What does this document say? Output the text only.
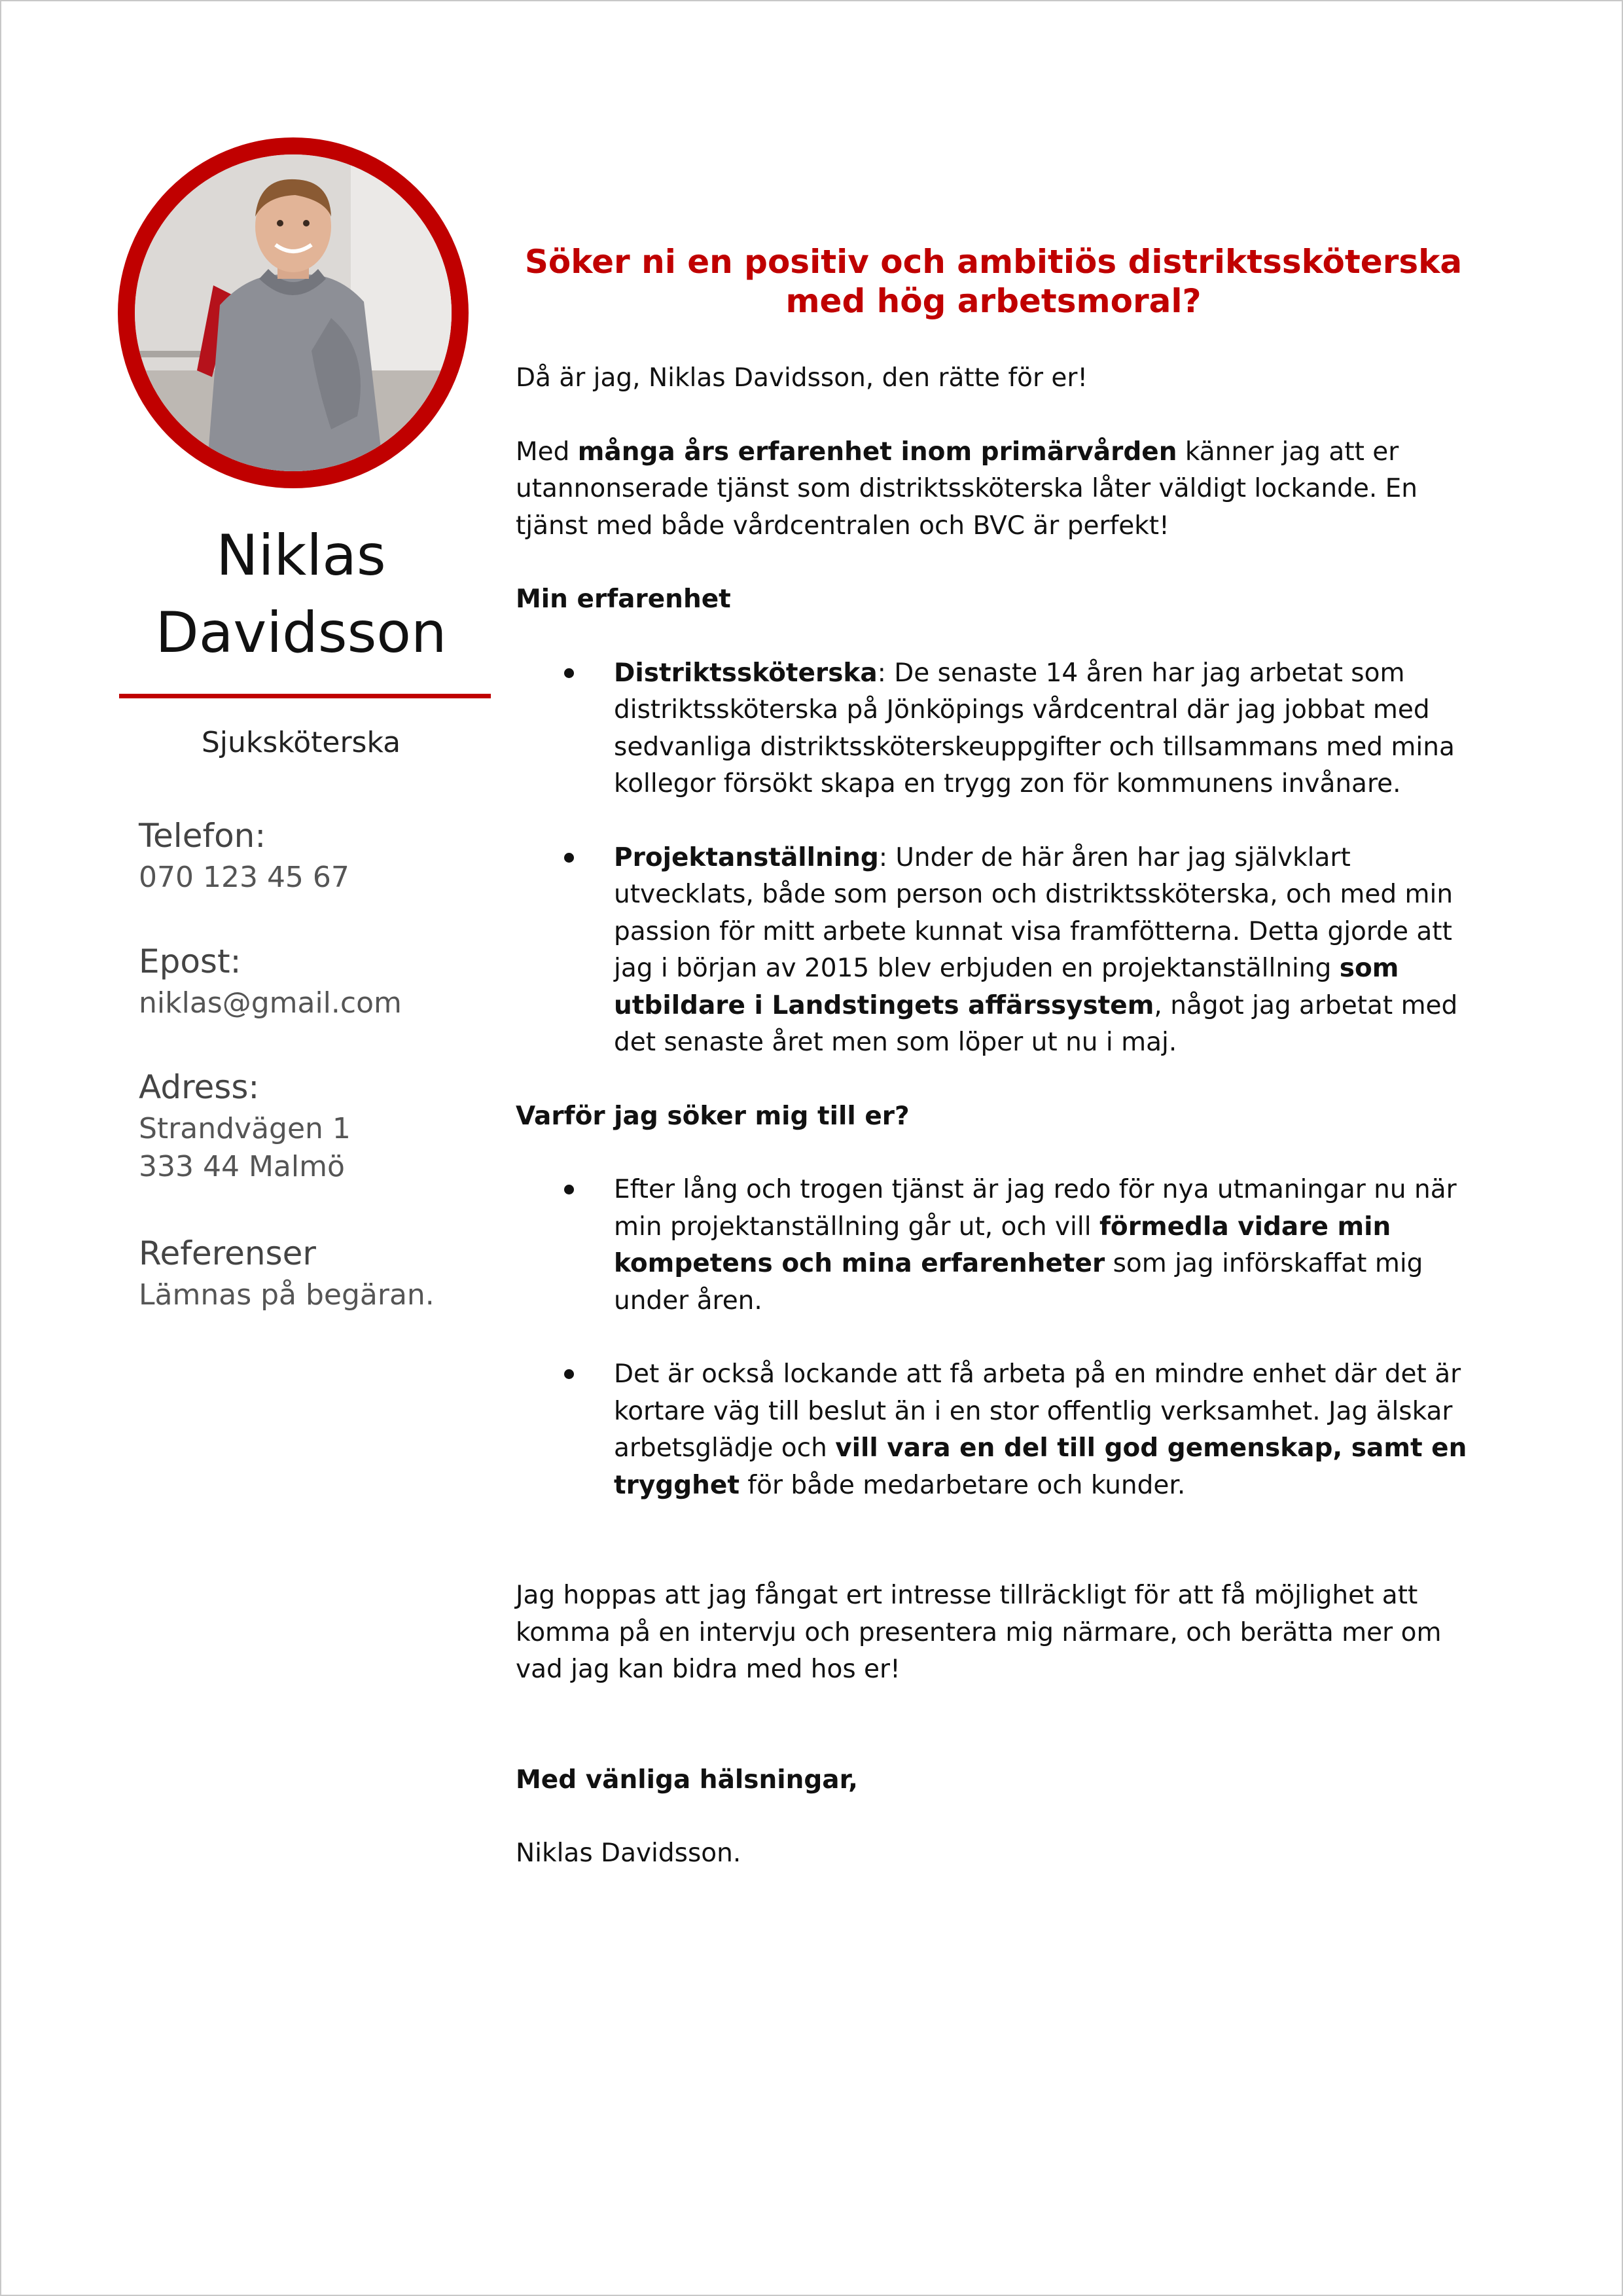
Niklas
Davidsson
Sjuksköterska
Telefon:
070 123 45 67
Epost:
niklas@gmail.com
Adress:
Strandvägen 1
333 44 Malmö
Referenser
Lämnas på begäran.
Söker ni en positiv och ambitiös distriktssköterska
med hög arbetsmoral?

Då är jag, Niklas Davidsson, den rätte för er!

Med många års erfarenhet inom primärvården känner jag att er utannonserade tjänst som distriktssköterska låter väldigt lockande. En tjänst med både vårdcentralen och BVC är perfekt!

Min erfarenhet
Distriktssköterska: De senaste 14 åren har jag arbetat som distriktssköterska på Jönköpings vårdcentral där jag jobbat med sedvanliga distriktssköterskeuppgifter och tillsammans med mina kollegor försökt skapa en trygg zon för kommunens invånare.
Projektanställning: Under de här åren har jag självklart utvecklats, både som person och distriktssköterska, och med min passion för mitt arbete kunnat visa framfötterna. Detta gjorde att jag i början av 2015 blev erbjuden en projektanställning som utbildare i Landstingets affärssystem, något jag arbetat med det senaste året men som löper ut nu i maj.
Varför jag söker mig till er?
Efter lång och trogen tjänst är jag redo för nya utmaningar nu när min projektanställning går ut, och vill förmedla vidare min kompetens och mina erfarenheter som jag införskaffat mig under åren.
Det är också lockande att få arbeta på en mindre enhet där det är kortare väg till beslut än i en stor offentlig verksamhet. Jag älskar arbetsglädje och vill vara en del till god gemenskap, samt en trygghet för både medarbetare och kunder.

Jag hoppas att jag fångat ert intresse tillräckligt för att få möjlighet att komma på en intervju och presentera mig närmare, och berätta mer om vad jag kan bidra med hos er!

Med vänliga hälsningar,

Niklas Davidsson.
